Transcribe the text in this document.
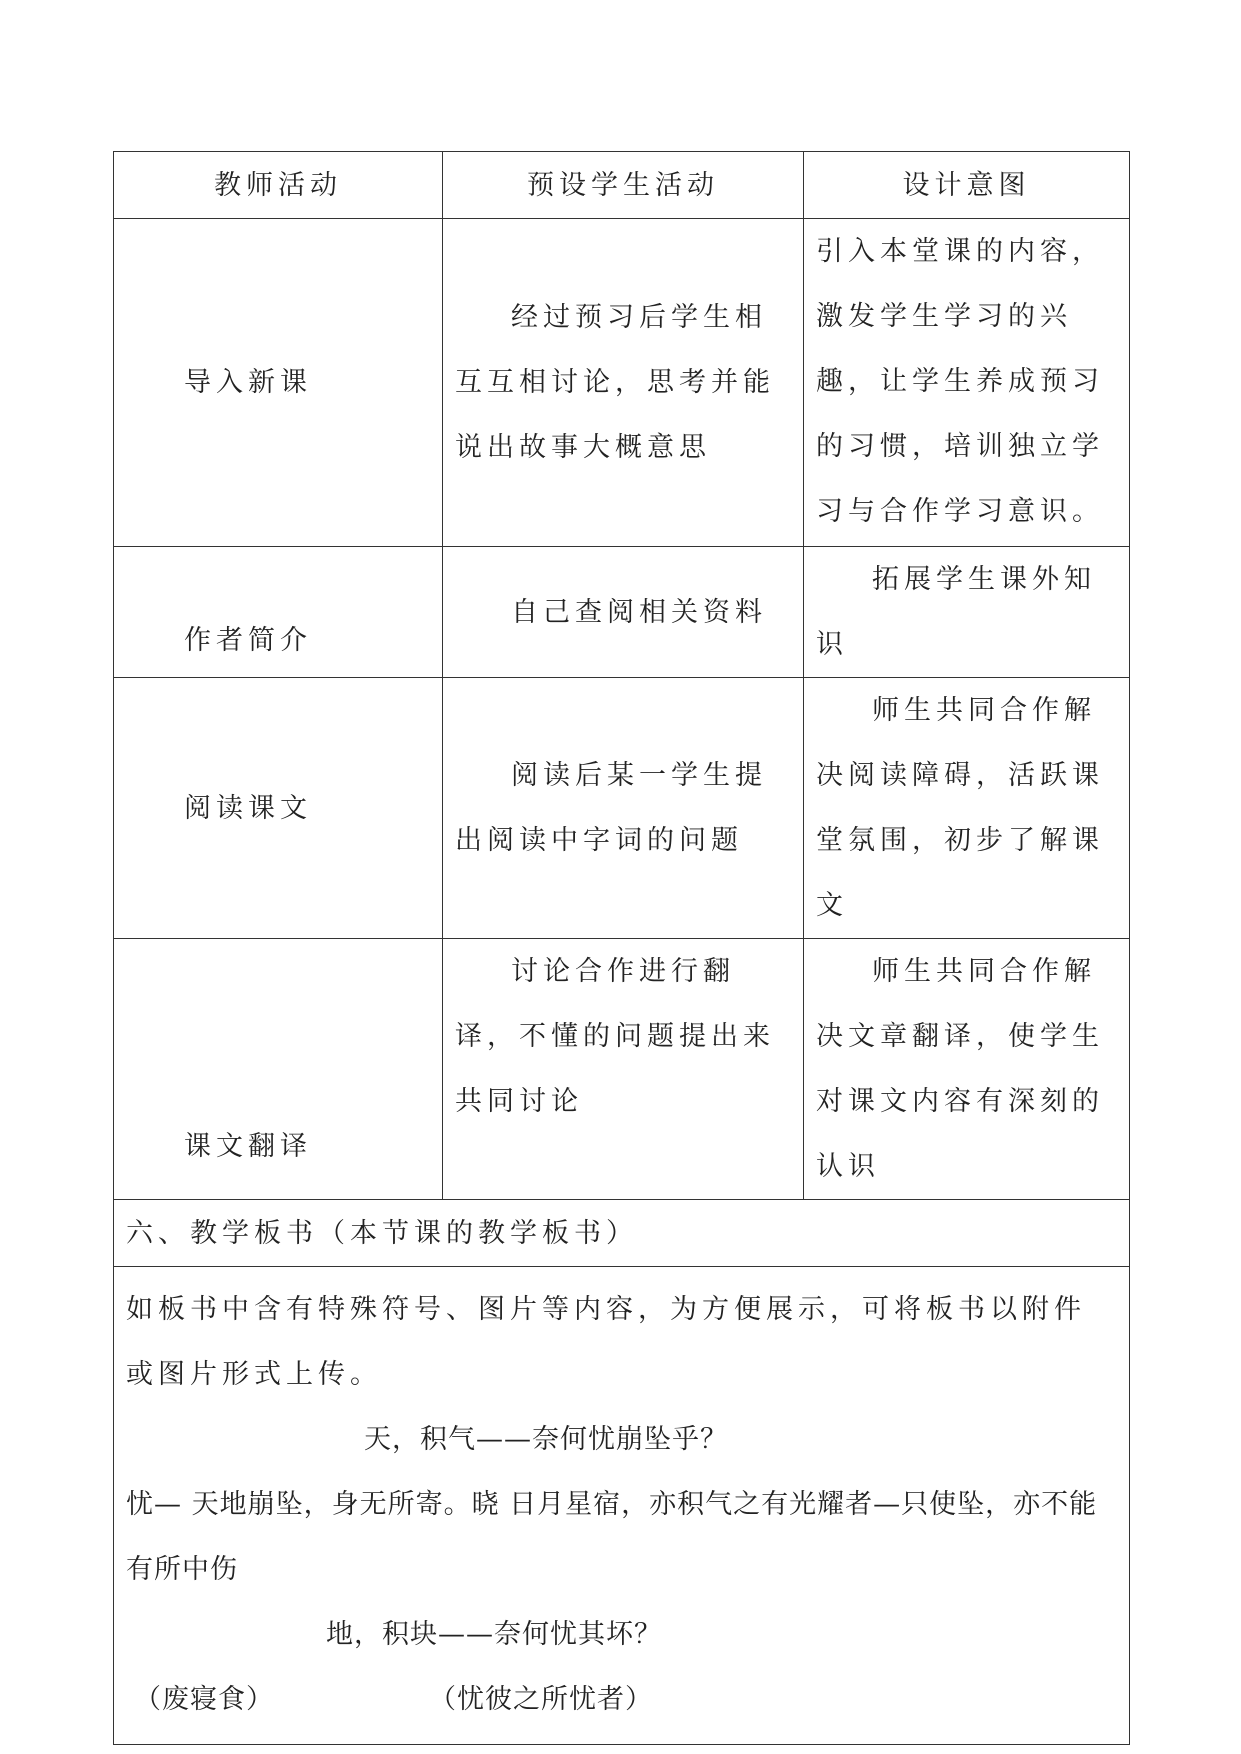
教师活动	预设学生活动	设计意图
导入新课	经过预习后学生相互互相讨论，思考并能说出故事大概意思	引入本堂课的内容，激发学生学习的兴趣，让学生养成预习的习惯，培训独立学习与合作学习意识。
作者简介	自己查阅相关资料	拓展学生课外知识
阅读课文	阅读后某一学生提出阅读中字词的问题	师生共同合作解决阅读障碍，活跃课堂氛围，初步了解课文
课文翻译	讨论合作进行翻译，不懂的问题提出来共同讨论	师生共同合作解决文章翻译，使学生对课文内容有深刻的认识
六、教学板书（本节课的教学板书）		

如板书中含有特殊符号、图片等内容，为方便展示，可将板书以附件或图片形式上传。

天，积气——奈何忧崩坠乎？

忧— 天地崩坠，身无所寄。晓 日月星宿，亦积气之有光耀者—只使坠，亦不能有所中伤

地，积块——奈何忧其坏？

（废寝食） （忧彼之所忧者）		
